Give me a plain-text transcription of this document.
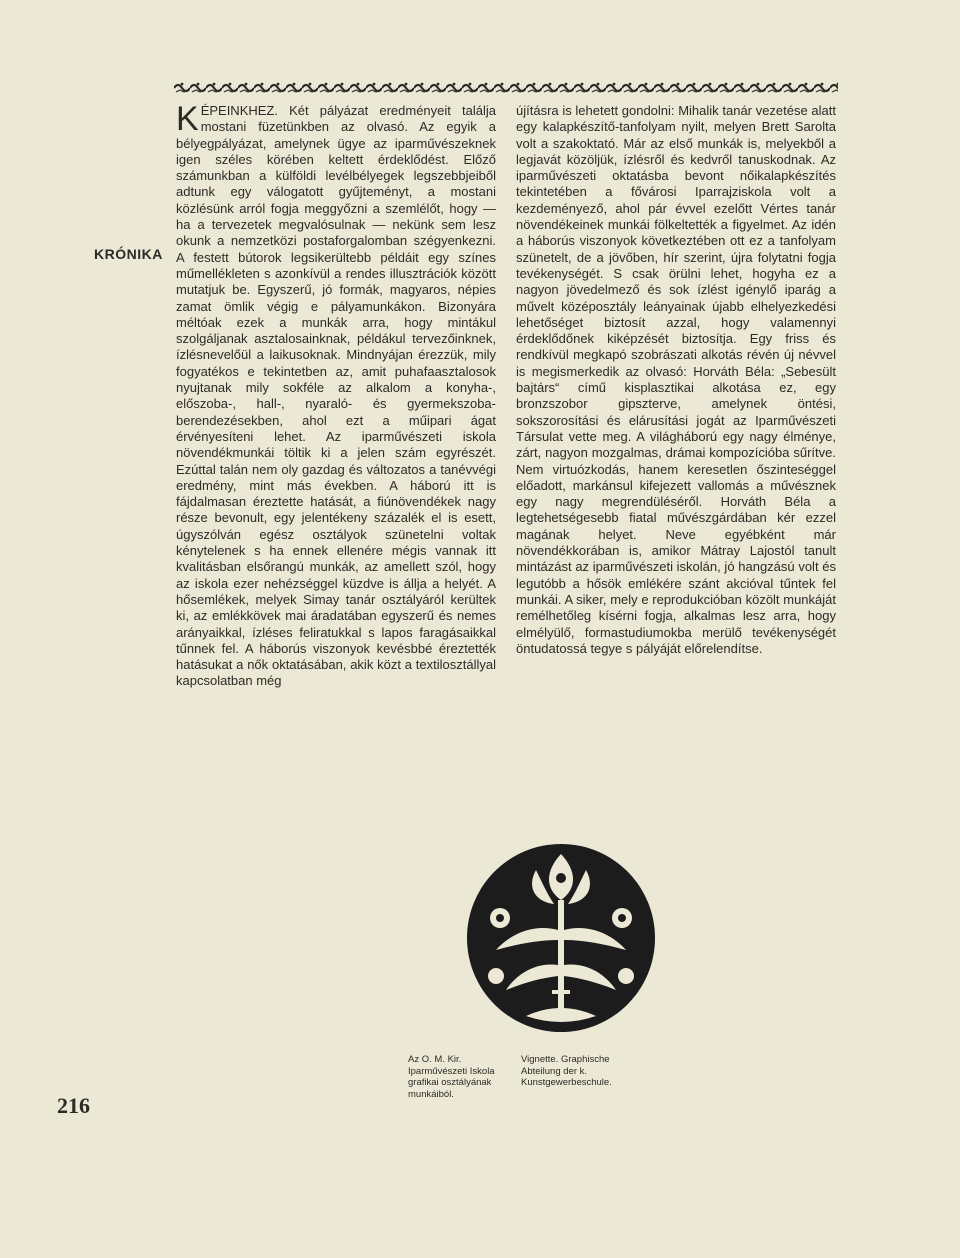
KRÓNIKA
K ÉPEINKHEZ. Két pályázat eredményeit találja mostani füzetünkben az olvasó. Az egyik a bélyegpályázat, amelynek ügye az iparművészeknek igen széles körében keltett érdeklődést. Előző számunkban a külföldi levélbélyegek legszebbjeiből adtunk egy válogatott gyűjteményt, a mostani közlésünk arról fogja meggyőzni a szemlélőt, hogy — ha a tervezetek megvalósulnak — nekünk sem lesz okunk a nemzetközi postaforgalomban szégyenkezni. A festett bútorok legsikerültebb példáit egy színes műmellékleten s azonkívül a rendes illusztrációk között mutatjuk be. Egyszerű, jó formák, magyaros, népies zamat ömlik végig e pályamunkákon. Bizonyára méltóak ezek a munkák arra, hogy mintákul szolgáljanak asztalosainknak, példákul tervezőinknek, ízlésnevelőül a laikusoknak. Mindnyájan érezzük, mily fogyatékos e tekintetben az, amit puhafaasztalosok nyujtanak mily sokféle az alkalom a konyha-, előszoba-, hall-, nyaraló- és gyermekszoba-berendezésekben, ahol ezt a műipari ágat érvényesíteni lehet. Az iparművészeti iskola növendékmunkái töltik ki a jelen szám egyrészét. Ezúttal talán nem oly gazdag és változatos a tanévvégi eredmény, mint más években. A háború itt is fájdalmasan éreztette hatását, a fiúnövendékek nagy része bevonult, egy jelentékeny százalék el is esett, úgyszólván egész osztályok szünetelni voltak kénytelenek s ha ennek ellenére mégis vannak itt kvalitásban elsőrangú munkák, az amellett szól, hogy az iskola ezer nehézséggel küzdve is állja a helyét. A hősemlékek, melyek Simay tanár osztályáról kerültek ki, az emlékkövek mai áradatában egyszerű és nemes arányaikkal, ízléses feliratukkal s lapos faragásaikkal tűnnek fel. A háborús viszonyok kevésbbé éreztették hatásukat a nők oktatásában, akik közt a textilosztállyal kapcsolatban még

újításra is lehetett gondolni: Mihalik tanár vezetése alatt egy kalapkészítő-tanfolyam nyilt, melyen Brett Sarolta volt a szakoktató. Már az első munkák is, melyekből a legjavát közöljük, ízlésről és kedvről tanuskodnak. Az iparművészeti oktatásba bevont nőikalapkészítés tekintetében a fővárosi Iparrajziskola volt a kezdeményező, ahol pár évvel ezelőtt Vértes tanár növendékeinek munkái fölkeltették a figyelmet. Az idén a háborús viszonyok következtében ott ez a tanfolyam szünetelt, de a jövőben, hír szerint, újra folytatni fogja tevékenységét. S csak örülni lehet, hogyha ez a nagyon jövedelmező és sok ízlést igénylő iparág a művelt középosztály leányainak újabb elhelyezkedési lehetőséget biztosít azzal, hogy valamennyi érdeklődőnek kiképzését biztosítja. Egy friss és rendkívül megkapó szobrászati alkotás révén új névvel is megismerkedik az olvasó: Horváth Béla: „Sebesült bajtárs“ című kisplasztikai alkotása ez, egy bronzszobor gipszterve, amelynek öntési, sokszorosítási és elárusítási jogát az Iparművészeti Társulat vette meg. A világháború egy nagy élménye, zárt, nagyon mozgalmas, drámai kompozícióba sűrítve. Nem virtuózkodás, hanem keresetlen őszinteséggel előadott, markánsul kifejezett vallomás a művésznek egy nagy megrendüléséről. Horváth Béla a legtehetségesebb fiatal művészgárdában kér ezzel magának helyet. Neve egyébként már növendékkorában is, amikor Mátray Lajostól tanult mintázást az iparművészeti iskolán, jó hangzású volt és legutóbb a hősök emlékére szánt akcióval tűntek fel munkái. A siker, mely e reprodukcióban közölt munkáját remélhetőleg kísérni fogja, alkalmas lesz arra, hogy elmélyülő, formastudiumokba merülő tevékenységét öntudatossá tegye s pályáját előrelendítse.

Az O. M. Kir. Iparművészeti Iskola grafikai osztályának munkáiból.
Vignette. Graphische Abteilung der k. Kunstgewerbeschule.
216
